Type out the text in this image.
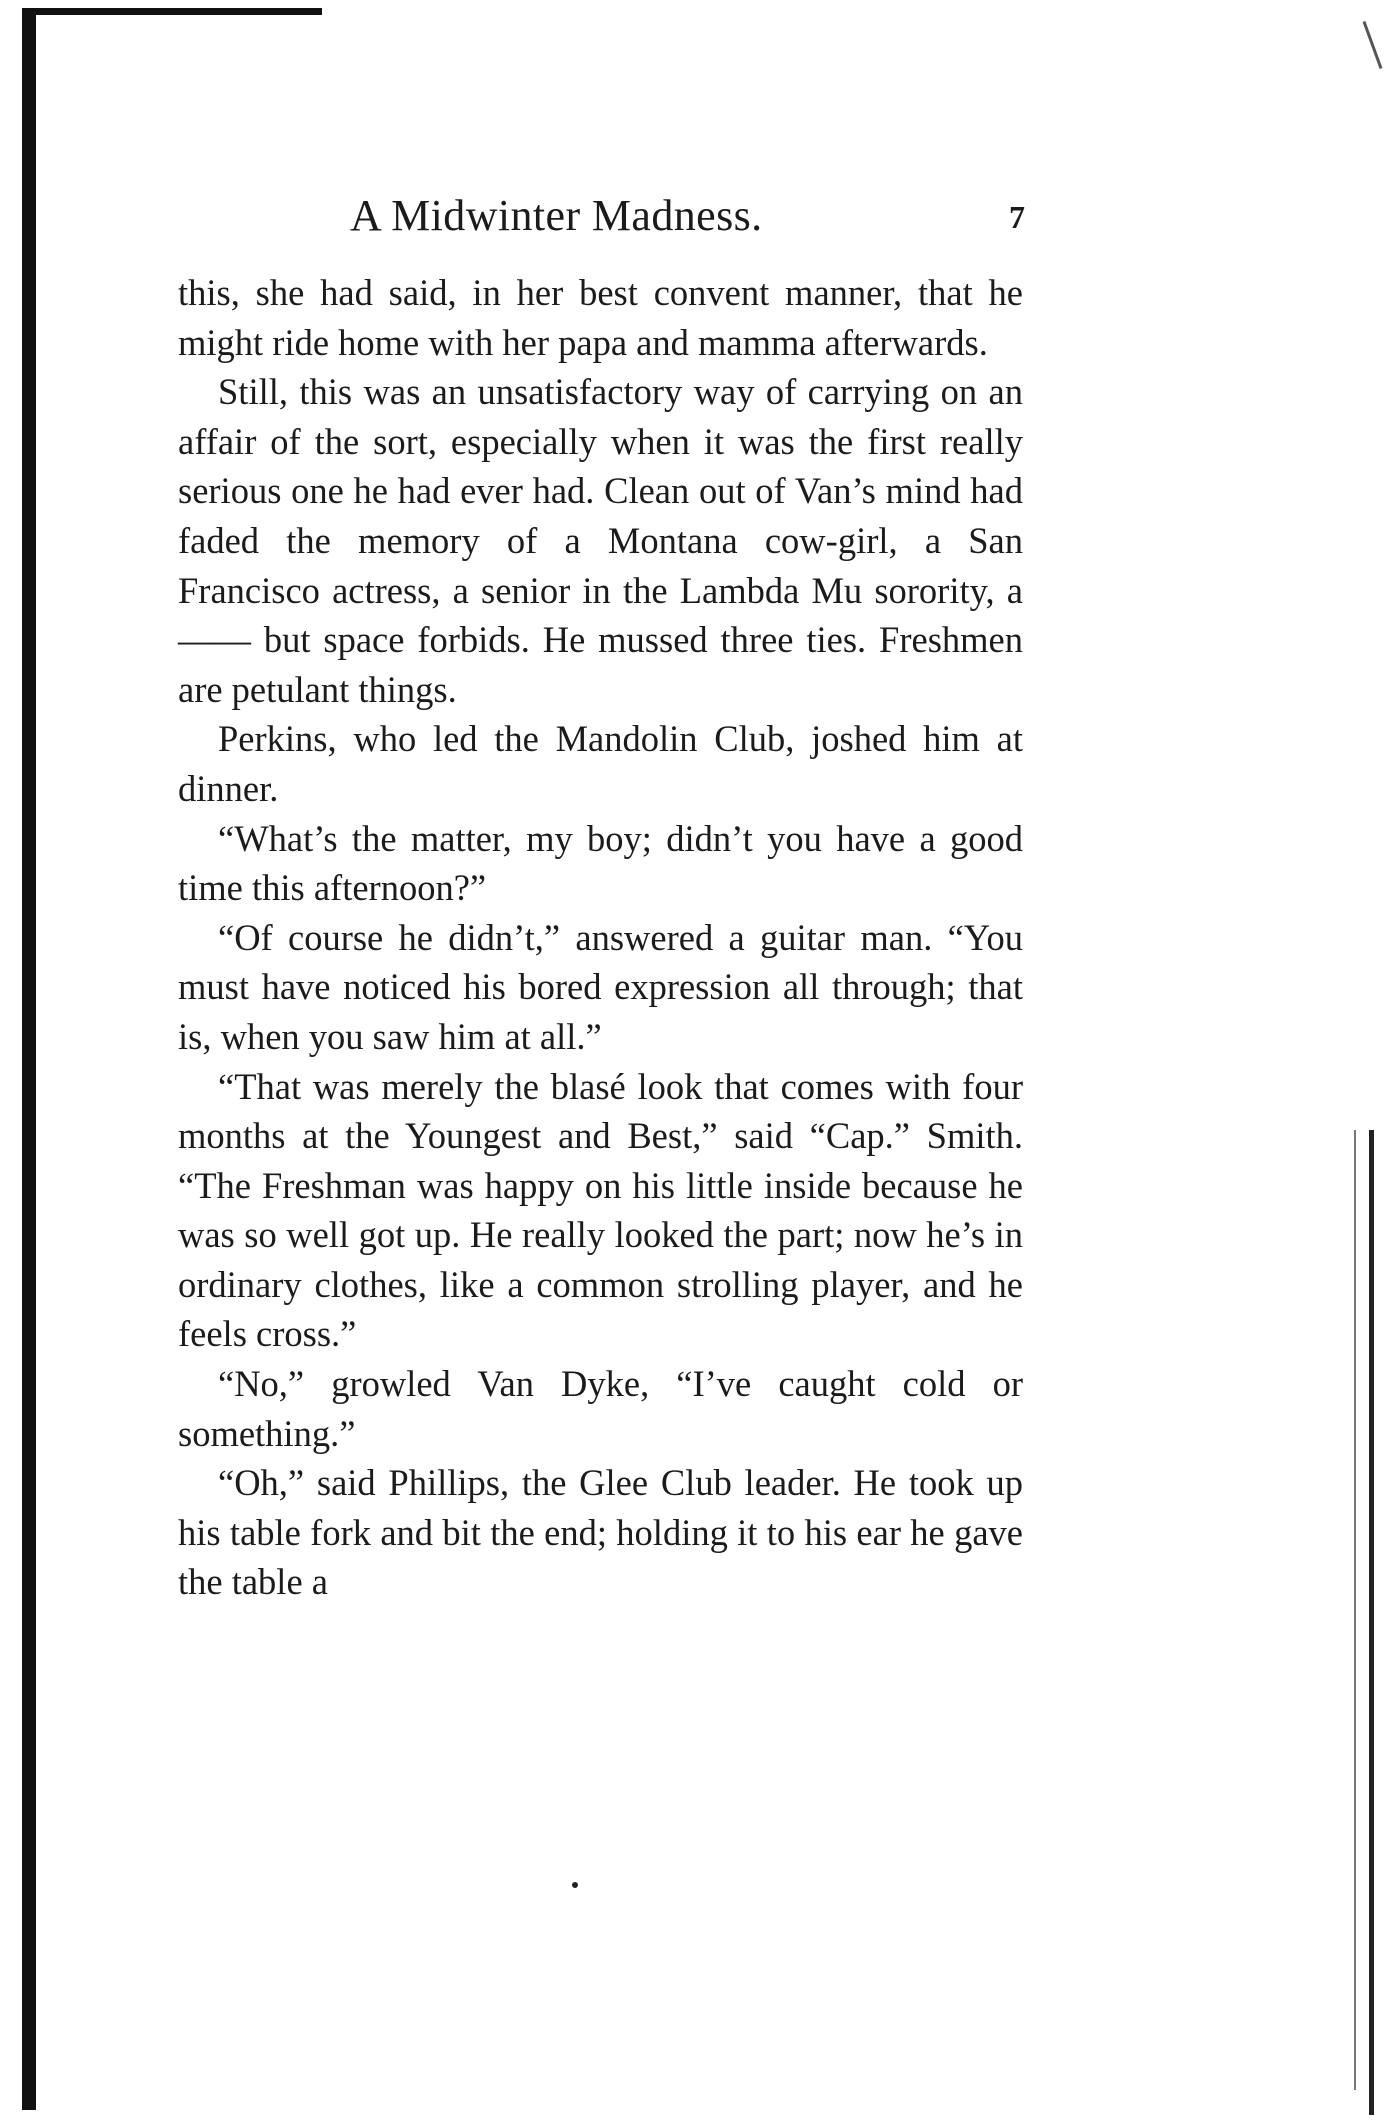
A Midwinter Madness.	7

this, she had said, in her best convent manner, that he might ride home with her papa and mamma afterwards.

Still, this was an unsatisfactory way of carrying on an affair of the sort, especially when it was the first really serious one he had ever had. Clean out of Van’s mind had faded the memory of a Montana cow-girl, a San Francisco actress, a senior in the Lambda Mu sorority, a—— but space forbids. He mussed three ties. Freshmen are petulant things.

Perkins, who led the Mandolin Club, joshed him at dinner.

“What’s the matter, my boy; didn’t you have a good time this afternoon?”

“Of course he didn’t,” answered a guitar man. “You must have noticed his bored expression all through; that is, when you saw him at all.”

“That was merely the blasé look that comes with four months at the Youngest and Best,” said “Cap.” Smith. “The Freshman was happy on his little inside because he was so well got up. He really looked the part; now he’s in ordinary clothes, like a common strolling player, and he feels cross.”

“No,” growled Van Dyke, “I’ve caught cold or something.”

“Oh,” said Phillips, the Glee Club leader. He took up his table fork and bit the end; holding it to his ear he gave the table a
